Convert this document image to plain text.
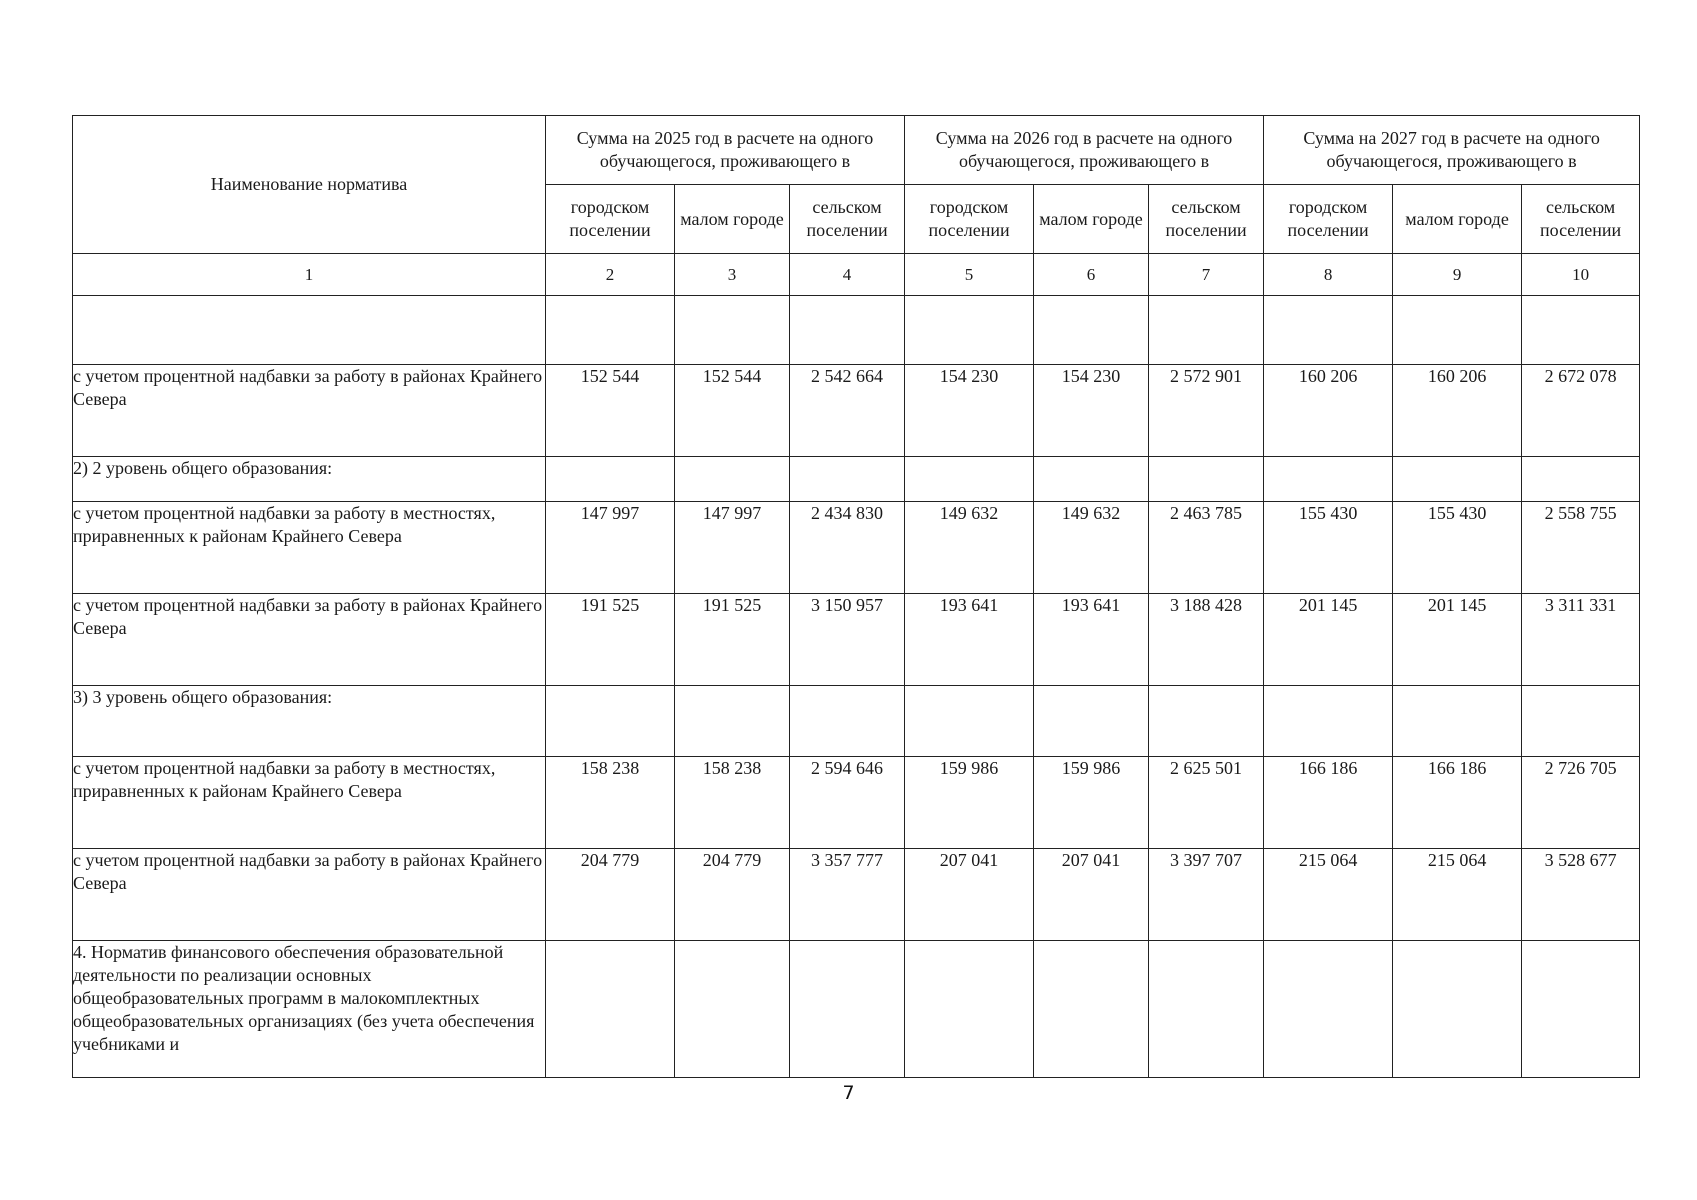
Наименование норматива	Сумма на 2025 год в расчете на одного обучающегося, проживающего в			Сумма на 2026 год в расчете на одного обучающегося, проживающего в			Сумма на 2027 год в расчете на одного обучающегося, проживающего в		
	городском поселении	малом городе	сельском поселении	городском поселении	малом городе	сельском поселении	городском поселении	малом городе	сельском поселении
1	2	3	4	5	6	7	8	9	10

с учетом процентной надбавки за работу в районах Крайнего Севера	152 544	152 544	2 542 664	154 230	154 230	2 572 901	160 206	160 206	2 672 078
2) 2 уровень общего образования:									
с учетом процентной надбавки за работу в местностях, приравненных к районам Крайнего Севера	147 997	147 997	2 434 830	149 632	149 632	2 463 785	155 430	155 430	2 558 755
с учетом процентной надбавки за работу в районах Крайнего Севера	191 525	191 525	3 150 957	193 641	193 641	3 188 428	201 145	201 145	3 311 331
3) 3 уровень общего образования:									
с учетом процентной надбавки за работу в местностях, приравненных к районам Крайнего Севера	158 238	158 238	2 594 646	159 986	159 986	2 625 501	166 186	166 186	2 726 705
с учетом процентной надбавки за работу в районах Крайнего Севера	204 779	204 779	3 357 777	207 041	207 041	3 397 707	215 064	215 064	3 528 677
4. Норматив финансового обеспечения образовательной деятельности по реализации основных общеобразовательных программ в малокомплектных общеобразовательных организациях (без учета обеспечения учебниками и									
7
